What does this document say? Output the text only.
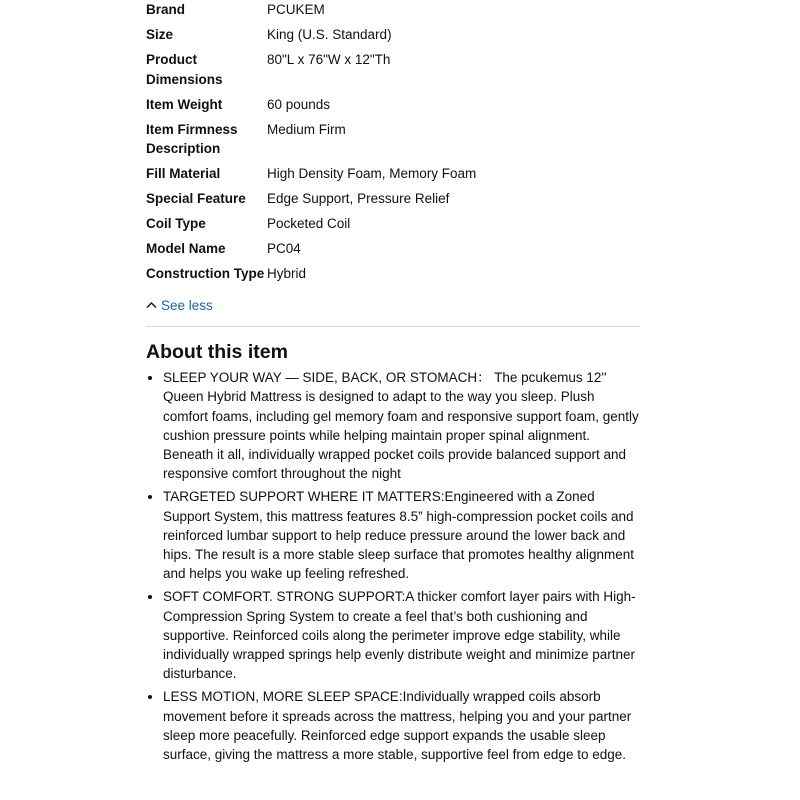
Brand	PCUKEM
Size	King (U.S. Standard)
Product Dimensions	80"L x 76"W x 12"Th
Item Weight	60 pounds
Item Firmness Description	Medium Firm
Fill Material	High Density Foam, Memory Foam
Special Feature	Edge Support, Pressure Relief
Coil Type	Pocketed Coil
Model Name	PC04
Construction Type	Hybrid
See less
About this item
SLEEP YOUR WAY — SIDE, BACK, OR STOMACH： The pcukemus 12'' Queen Hybrid Mattress is designed to adapt to the way you sleep. Plush comfort foams, including gel memory foam and responsive support foam, gently cushion pressure points while helping maintain proper spinal alignment. Beneath it all, individually wrapped pocket coils provide balanced support and responsive comfort throughout the night
TARGETED SUPPORT WHERE IT MATTERS:Engineered with a Zoned Support System, this mattress features 8.5” high-compression pocket coils and reinforced lumbar support to help reduce pressure around the lower back and hips. The result is a more stable sleep surface that promotes healthy alignment and helps you wake up feeling refreshed.
SOFT COMFORT. STRONG SUPPORT:A thicker comfort layer pairs with High-Compression Spring System to create a feel that’s both cushioning and supportive. Reinforced coils along the perimeter improve edge stability, while individually wrapped springs help evenly distribute weight and minimize partner disturbance.
LESS MOTION, MORE SLEEP SPACE:Individually wrapped coils absorb movement before it spreads across the mattress, helping you and your partner sleep more peacefully. Reinforced edge support expands the usable sleep surface, giving the mattress a more stable, supportive feel from edge to edge.
